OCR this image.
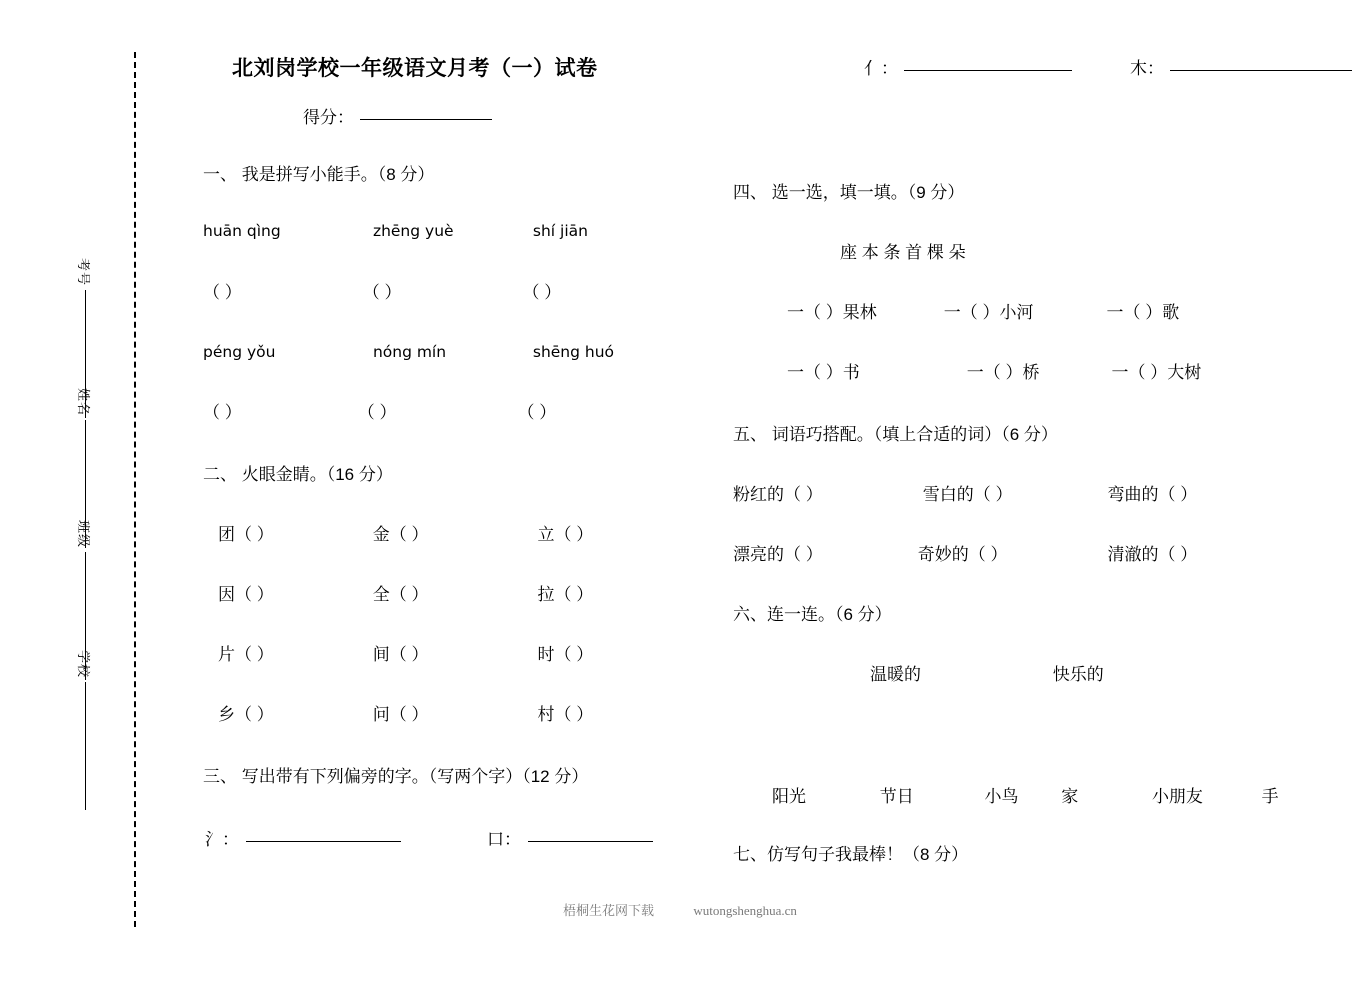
考号
姓名
班级
学校
北刘岗学校一年级语文月考（一）试卷	亻：	木：
得分：
一、 我是拼写小能手。（8 分）
huān qìng	zhēng yuè	shí jiān
（ ）	（ ）	（ ）
péng yǒu	nóng mín	shēng huó
（ ）	（ ）	（ ）
二、 火眼金睛。（16 分）
团（ ）	金（ ）	立（ ）
因（ ）	全（ ）	拉（ ）
片（ ）	间（ ）	时（ ）
乡（ ）	问（ ）	村（ ）
三、 写出带有下列偏旁的字。（写两个字）（12 分）
氵：	口：
四、 选一选，填一填。（9 分）
座 本 条 首 棵 朵
一（ ）果林	一（ ）小河	一（ ）歌
一（ ）书	一（ ）桥	一（ ）大树
五、 词语巧搭配。（填上合适的词）（6 分）
粉红的（ ）	雪白的（ ）	弯曲的（ ）
漂亮的（ ）	奇妙的（ ）	清澈的（ ）
六、连一连。（6 分）
温暖的	快乐的
阳光	节日	小鸟	家	小朋友	手
七、仿写句子我最棒！（8 分）
梧桐生花网下载	wutongshenghua.cn
